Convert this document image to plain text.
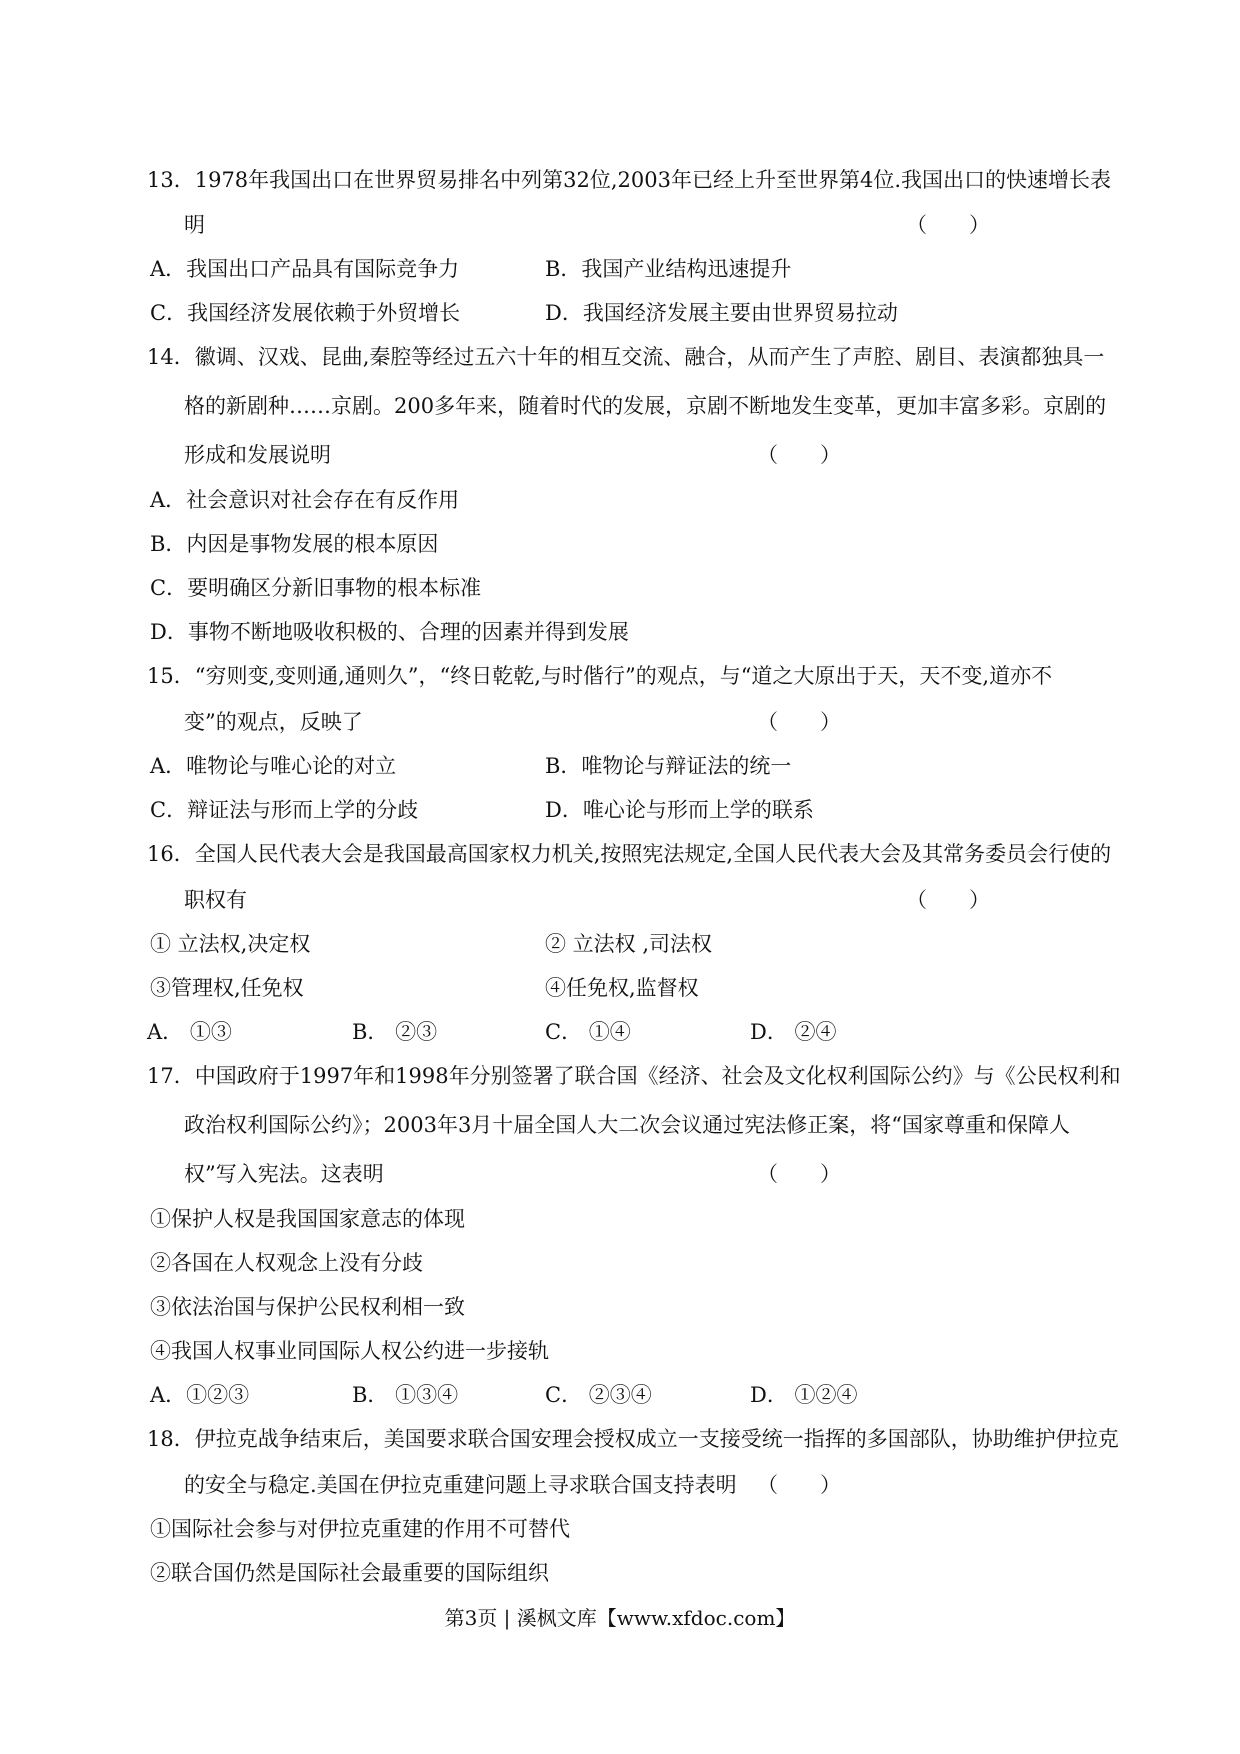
13．1978年我国出口在世界贸易排名中列第32位,2003年已经上升至世界第4位.我国出口的快速增长表
明	（　　）
A．我国出口产品具有国际竞争力	B．我国产业结构迅速提升
C．我国经济发展依赖于外贸增长	D．我国经济发展主要由世界贸易拉动
14．徽调、汉戏、昆曲,秦腔等经过五六十年的相互交流、融合，从而产生了声腔、剧目、表演都独具一
格的新剧种……京剧。200多年来，随着时代的发展，京剧不断地发生变革，更加丰富多彩。京剧的
形成和发展说明	（　　）
A．社会意识对社会存在有反作用
B．内因是事物发展的根本原因
C．要明确区分新旧事物的根本标准
D．事物不断地吸收积极的、合理的因素并得到发展
15．“穷则变,变则通,通则久”，“终日乾乾,与时偕行”的观点，与“道之大原出于天，天不变,道亦不
变”的观点，反映了	（　　）
A．唯物论与唯心论的对立	B．唯物论与辩证法的统一
C．辩证法与形而上学的分歧	D．唯心论与形而上学的联系
16．全国人民代表大会是我国最高国家权力机关,按照宪法规定,全国人民代表大会及其常务委员会行使的
职权有	（　　）
① 立法权,决定权	② 立法权 ,司法权
③管理权,任免权	④任免权,监督权
A． ①③	B． ②③	C． ①④	D． ②④
17．中国政府于1997年和1998年分别签署了联合国《经济、社会及文化权利国际公约》与《公民权利和
政治权利国际公约》；2003年3月十届全国人大二次会议通过宪法修正案，将“国家尊重和保障人
权”写入宪法。这表明	（　　）
①保护人权是我国国家意志的体现
②各国在人权观念上没有分歧
③依法治国与保护公民权利相一致
④我国人权事业同国际人权公约进一步接轨
A．①②③	B． ①③④	C． ②③④	D． ①②④
18．伊拉克战争结束后，美国要求联合国安理会授权成立一支接受统一指挥的多国部队，协助维护伊拉克
的安全与稳定.美国在伊拉克重建问题上寻求联合国支持表明 （　　）
①国际社会参与对伊拉克重建的作用不可替代
②联合国仍然是国际社会最重要的国际组织
第3页 | 溪枫文库【www.xfdoc.com】
